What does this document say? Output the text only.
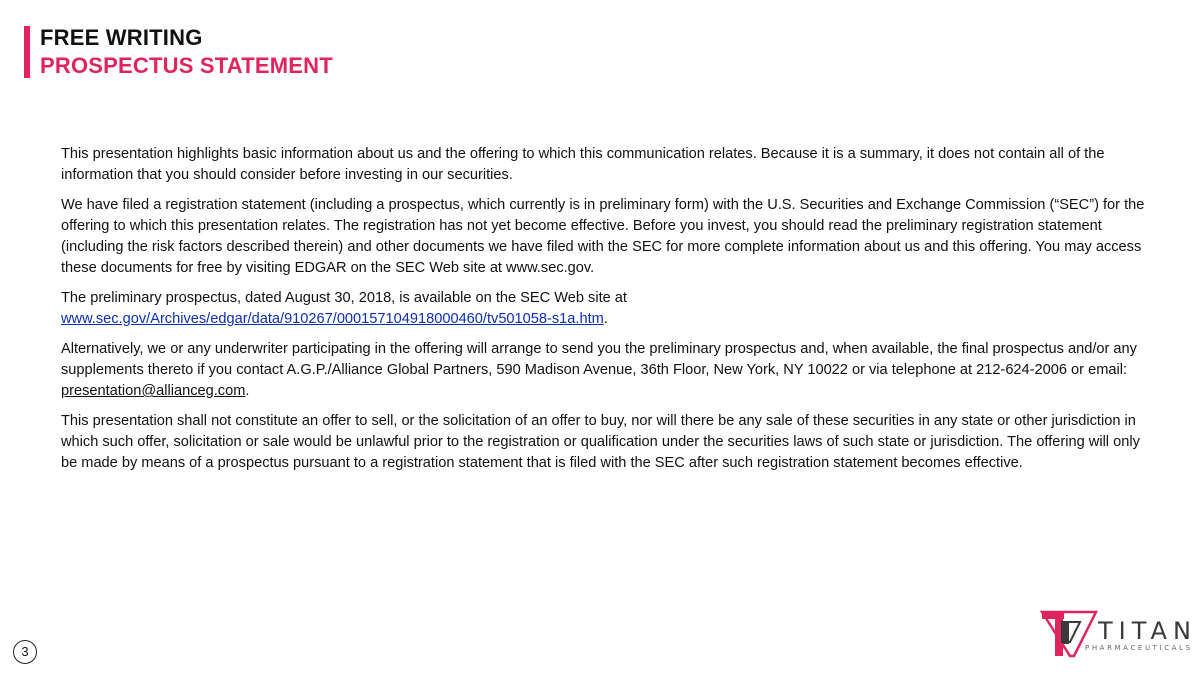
FREE WRITING
PROSPECTUS STATEMENT

This presentation highlights basic information about us and the offering to which this communication relates. Because it is a summary, it does not contain all of the information that you should consider before investing in our securities.

We have filed a registration statement (including a prospectus, which currently is in preliminary form) with the U.S. Securities and Exchange Commission (“SEC”) for the offering to which this presentation relates. The registration has not yet become effective. Before you invest, you should read the preliminary registration statement (including the risk factors described therein) and other documents we have filed with the SEC for more complete information about us and this offering. You may access these documents for free by visiting EDGAR on the SEC Web site at www.sec.gov.

The preliminary prospectus, dated August 30, 2018, is available on the SEC Web site at
www.sec.gov/Archives/edgar/data/910267/000157104918000460/tv501058-s1a.htm.

Alternatively, we or any underwriter participating in the offering will arrange to send you the preliminary prospectus and, when available, the final prospectus and/or any supplements thereto if you contact A.G.P./Alliance Global Partners, 590 Madison Avenue, 36th Floor, New York, NY 10022 or via telephone at 212-624-2006 or email: presentation@allianceg.com.

This presentation shall not constitute an offer to sell, or the solicitation of an offer to buy, nor will there be any sale of these securities in any state or other jurisdiction in which such offer, solicitation or sale would be unlawful prior to the registration or qualification under the securities laws of such state or jurisdiction. The offering will only be made by means of a prospectus pursuant to a registration statement that is filed with the SEC after such registration statement becomes effective.

3
TITAN
PHARMACEUTICALS
